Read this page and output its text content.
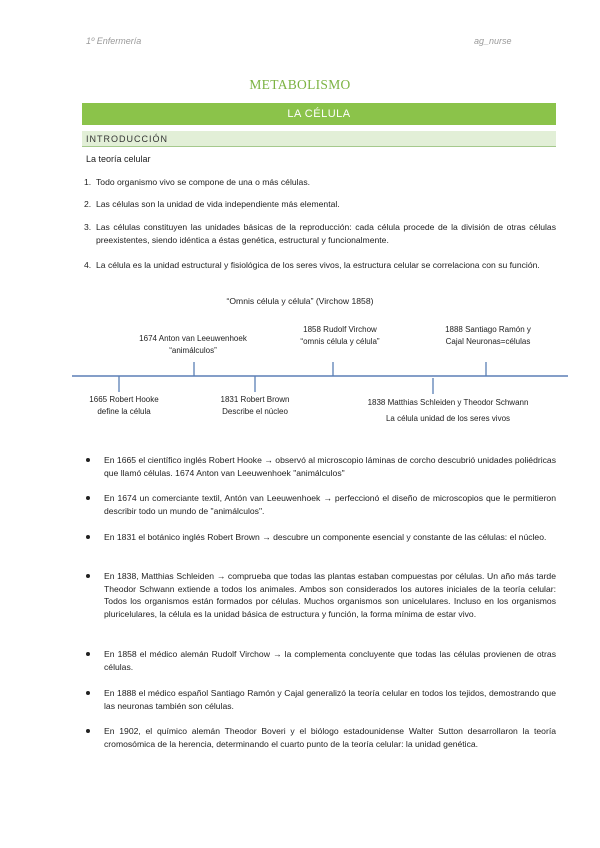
1º Enfermería	ag_nurse
METABOLISMO
LA CÉLULA
INTRODUCCIÓN
La teoría celular
1. Todo organismo vivo se compone de una o más células.
2. Las células son la unidad de vida independiente más elemental.
3. Las células constituyen las unidades básicas de la reproducción: cada célula procede de la división de otras células preexistentes, siendo idéntica a éstas genética, estructural y funcionalmente.
4. La célula es la unidad estructural y fisiológica de los seres vivos, la estructura celular se correlaciona con su función.
“Omnis célula y célula” (Virchow 1858)
1674 Anton van Leeuwenhoek
“animálculos”
1858 Rudolf Virchow
“omnis célula y célula”
1888 Santiago Ramón y
Cajal Neuronas=células
1665 Robert Hooke
define la célula
1831 Robert Brown
Describe el núcleo
1838 Matthias Schleiden y Theodor Schwann
La célula unidad de los seres vivos
En 1665 el científico inglés Robert Hooke → observó al microscopio láminas de corcho descubrió unidades poliédricas que llamó células. 1674 Anton van Leeuwenhoek "animálculos"
En 1674 un comerciante textil, Antón van Leeuwenhoek → perfeccionó el diseño de microscopios que le permitieron describir todo un mundo de "animálculos".
En 1831 el botánico inglés Robert Brown → descubre un componente esencial y constante de las células: el núcleo.
En 1838, Matthias Schleiden → comprueba que todas las plantas estaban compuestas por células. Un año más tarde Theodor Schwann extiende a todos los animales. Ambos son considerados los autores iniciales de la teoría celular: Todos los organismos están formados por células. Muchos organismos son unicelulares. Incluso en los organismos pluricelulares, la célula es la unidad básica de estructura y función, la forma mínima de estar vivo.
En 1858 el médico alemán Rudolf Virchow → la complementa concluyente que todas las células provienen de otras células.
En 1888 el médico español Santiago Ramón y Cajal generalizó la teoría celular en todos los tejidos, demostrando que las neuronas también son células.
En 1902, el químico alemán Theodor Boveri y el biólogo estadounidense Walter Sutton desarrollaron la teoría cromosómica de la herencia, determinando el cuarto punto de la teoría celular: la unidad genética.
